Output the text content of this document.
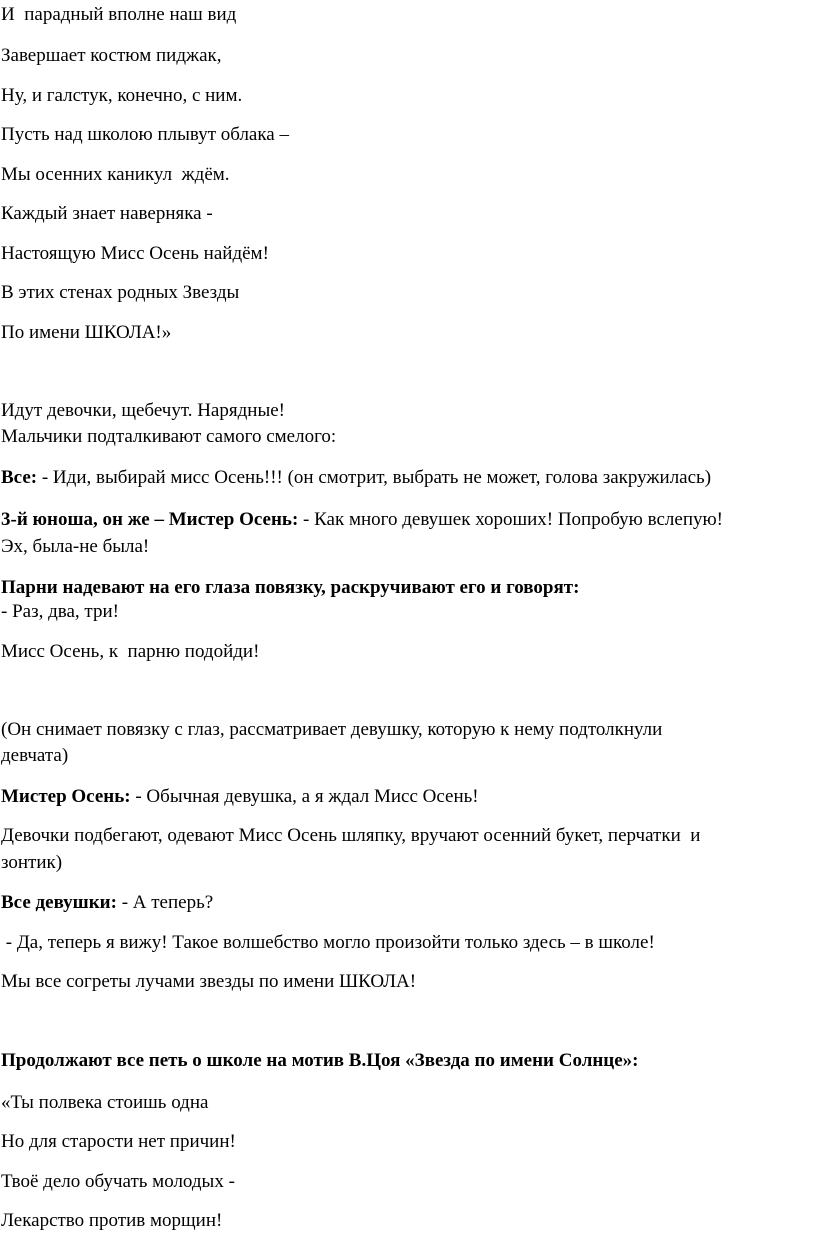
И  парадный вполне наш вид

Завершает костюм пиджак,

Ну, и галстук, конечно, с ним.

Пусть над школою плывут облака –

Мы осенних каникул  ждём.

Каждый знает наверняка -

Настоящую Мисс Осень найдём!

В этих стенах родных Звезды

По имени ШКОЛА!»

Идут девочки, щебечут. Нарядные!

Мальчики подталкивают самого смелого:

Все: - Иди, выбирай мисс Осень!!! (он смотрит, выбрать не может, голова закружилась)

3-й юноша, он же – Мистер Осень: - Как много девушек хороших! Попробую вслепую!

Эх, была-не была!

Парни надевают на его глаза повязку, раскручивают его и говорят:

- Раз, два, три!

Мисс Осень, к  парню подойди!

(Он снимает повязку с глаз, рассматривает девушку, которую к нему подтолкнули

девчата)

Мистер Осень: - Обычная девушка, а я ждал Мисс Осень!

Девочки подбегают, одевают Мисс Осень шляпку, вручают осенний букет, перчатки  и

зонтик)

Все девушки: - А теперь?

- Да, теперь я вижу! Такое волшебство могло произойти только здесь – в школе!

Мы все согреты лучами звезды по имени ШКОЛА!

Продолжают все петь о школе на мотив В.Цоя «Звезда по имени Солнце»:

«Ты полвека стоишь одна

Но для старости нет причин!

Твоё дело обучать молодых -

Лекарство против морщин!
